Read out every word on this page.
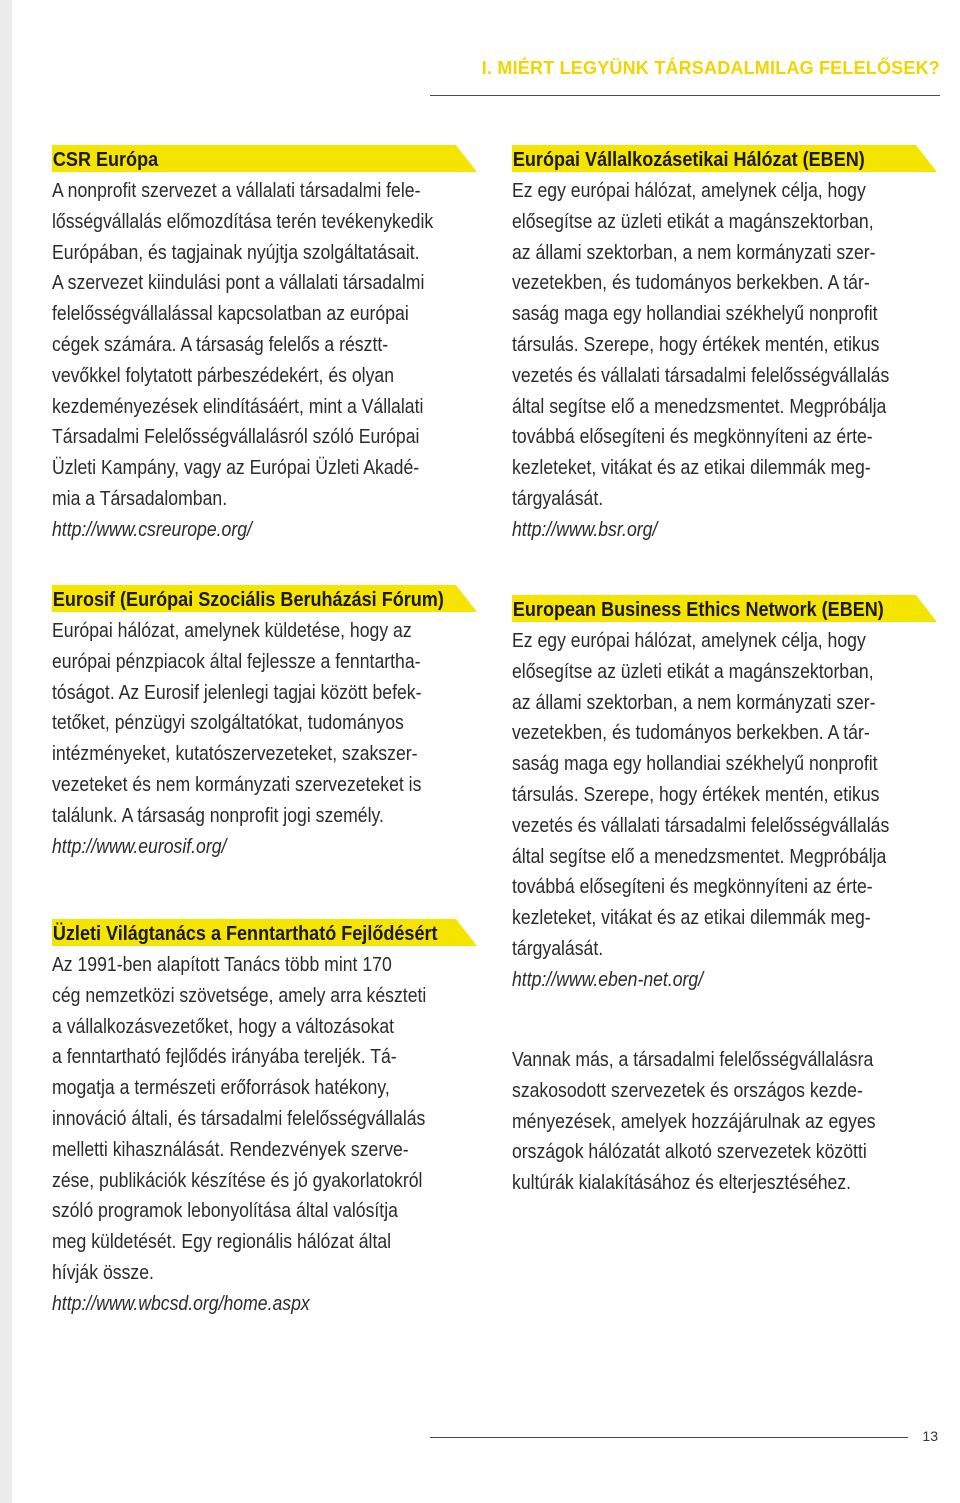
I. MIÉRT LEGYÜNK TÁRSADALMILAG FELELŐSEK?
CSR Európa
A nonprofit szervezet a vállalati társadalmi fele-
lősségvállalás előmozdítása terén tevékenykedik
Európában, és tagjainak nyújtja szolgáltatásait.
A szervezet kiindulási pont a vállalati társadalmi
felelősségvállalással kapcsolatban az európai
cégek számára. A társaság felelős a résztt-
vevőkkel folytatott párbeszédekért, és olyan
kezdeményezések elindításáért, mint a Vállalati
Társadalmi Felelősségvállalásról szóló Európai
Üzleti Kampány, vagy az Európai Üzleti Akadé-
mia a Társadalomban.
http://www.csreurope.org/
Eurosif (Európai Szociális Beruházási Fórum)
Európai hálózat, amelynek küldetése, hogy az
európai pénzpiacok által fejlessze a fenntartha-
tóságot. Az Eurosif jelenlegi tagjai között befek-
tetőket, pénzügyi szolgáltatókat, tudományos
intézményeket, kutatószervezeteket, szakszer-
vezeteket és nem kormányzati szervezeteket is
találunk. A társaság nonprofit jogi személy.
http://www.eurosif.org/
Üzleti Világtanács a Fenntartható Fejlődésért
Az 1991-ben alapított Tanács több mint 170
cég nemzetközi szövetsége, amely arra készteti
a vállalkozásvezetőket, hogy a változásokat
a fenntartható fejlődés irányába tereljék. Tá-
mogatja a természeti erőforrások hatékony,
innováció általi, és társadalmi felelősségvállalás
melletti kihasználását. Rendezvények szerve-
zése, publikációk készítése és jó gyakorlatokról
szóló programok lebonyolítása által valósítja
meg küldetését. Egy regionális hálózat által
hívják össze.
http://www.wbcsd.org/home.aspx
Európai Vállalkozásetikai Hálózat (EBEN)
Ez egy európai hálózat, amelynek célja, hogy
elősegítse az üzleti etikát a magánszektorban,
az állami szektorban, a nem kormányzati szer-
vezetekben, és tudományos berkekben. A tár-
saság maga egy hollandiai székhelyű nonprofit
társulás. Szerepe, hogy értékek mentén, etikus
vezetés és vállalati társadalmi felelősségvállalás
által segítse elő a menedzsmentet. Megpróbálja
továbbá elősegíteni és megkönnyíteni az érte-
kezleteket, vitákat és az etikai dilemmák meg-
tárgyalását.
http://www.bsr.org/
European Business Ethics Network (EBEN)
Ez egy európai hálózat, amelynek célja, hogy
elősegítse az üzleti etikát a magánszektorban,
az állami szektorban, a nem kormányzati szer-
vezetekben, és tudományos berkekben. A tár-
saság maga egy hollandiai székhelyű nonprofit
társulás. Szerepe, hogy értékek mentén, etikus
vezetés és vállalati társadalmi felelősségvállalás
által segítse elő a menedzsmentet. Megpróbálja
továbbá elősegíteni és megkönnyíteni az érte-
kezleteket, vitákat és az etikai dilemmák meg-
tárgyalását.
http://www.eben-net.org/
Vannak más, a társadalmi felelősségvállalásra
szakosodott szervezetek és országos kezde-
ményezések, amelyek hozzájárulnak az egyes
országok hálózatát alkotó szervezetek közötti
kultúrák kialakításához és elterjesztéséhez.
13
